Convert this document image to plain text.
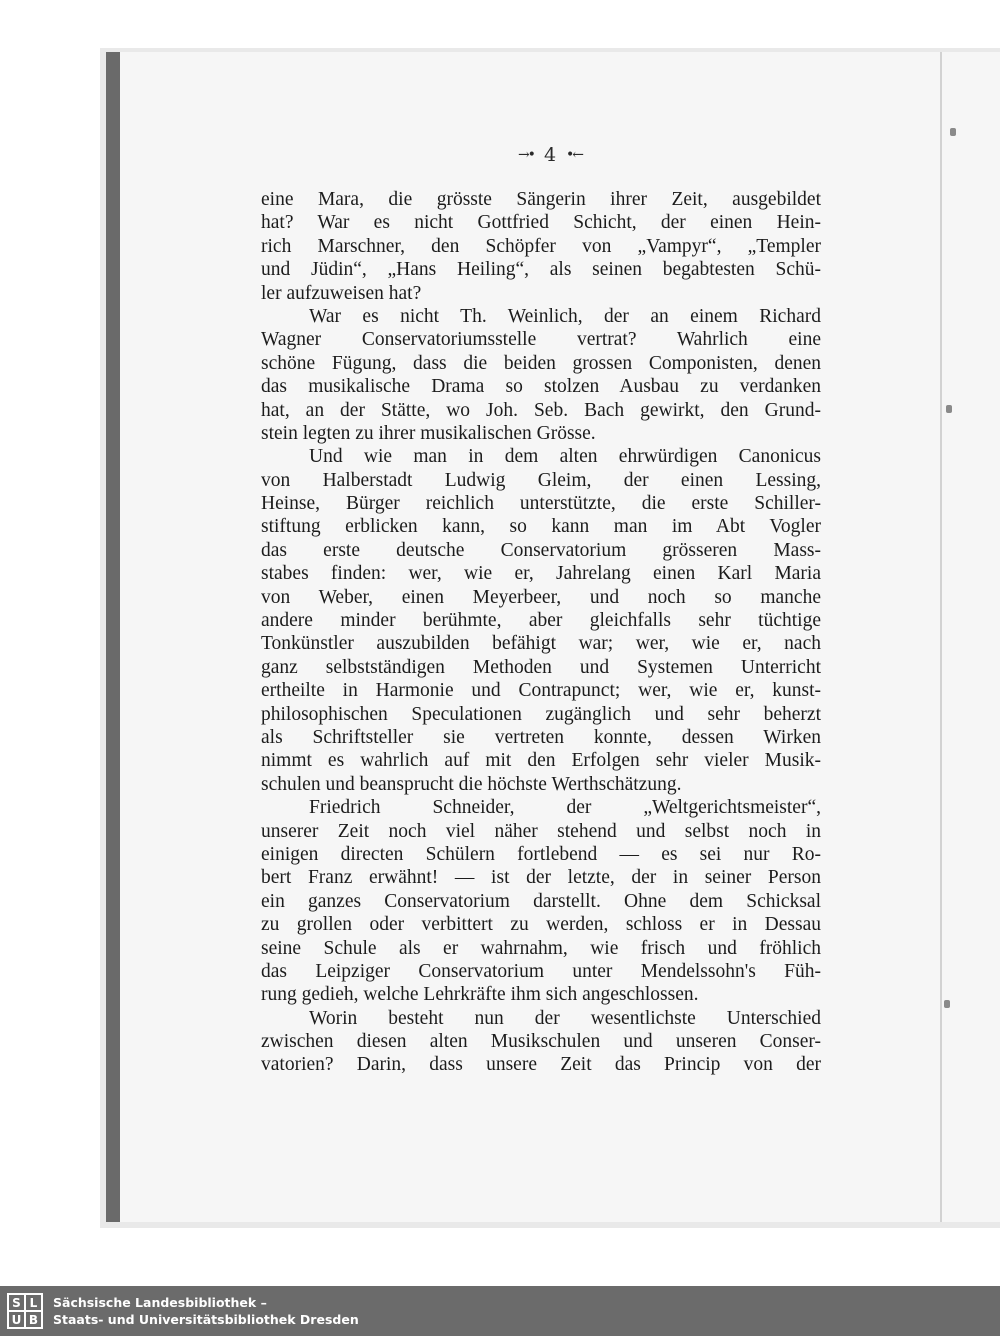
→• 4 •←
eine Mara, die grösste Sängerin ihrer Zeit, ausgebildet
hat? War es nicht Gottfried Schicht, der einen Hein-
rich Marschner, den Schöpfer von „Vampyr“, „Templer
und Jüdin“, „Hans Heiling“, als seinen begabtesten Schü-
ler aufzuweisen hat?
War es nicht Th. Weinlich, der an einem Richard
Wagner Conservatoriumsstelle vertrat? Wahrlich eine
schöne Fügung, dass die beiden grossen Componisten, denen
das musikalische Drama so stolzen Ausbau zu verdanken
hat, an der Stätte, wo Joh. Seb. Bach gewirkt, den Grund-
stein legten zu ihrer musikalischen Grösse.
Und wie man in dem alten ehrwürdigen Canonicus
von Halberstadt Ludwig Gleim, der einen Lessing,
Heinse, Bürger reichlich unterstützte, die erste Schiller-
stiftung erblicken kann, so kann man im Abt Vogler
das erste deutsche Conservatorium grösseren Mass-
stabes finden: wer, wie er, Jahrelang einen Karl Maria
von Weber, einen Meyerbeer, und noch so manche
andere minder berühmte, aber gleichfalls sehr tüchtige
Tonkünstler auszubilden befähigt war; wer, wie er, nach
ganz selbstständigen Methoden und Systemen Unterricht
ertheilte in Harmonie und Contrapunct; wer, wie er, kunst-
philosophischen Speculationen zugänglich und sehr beherzt
als Schriftsteller sie vertreten konnte, dessen Wirken
nimmt es wahrlich auf mit den Erfolgen sehr vieler Musik-
schulen und beansprucht die höchste Werthschätzung.
Friedrich Schneider, der „Weltgerichtsmeister“,
unserer Zeit noch viel näher stehend und selbst noch in
einigen directen Schülern fortlebend — es sei nur Ro-
bert Franz erwähnt! — ist der letzte, der in seiner Person
ein ganzes Conservatorium darstellt. Ohne dem Schicksal
zu grollen oder verbittert zu werden, schloss er in Dessau
seine Schule als er wahrnahm, wie frisch und fröhlich
das Leipziger Conservatorium unter Mendelssohn's Füh-
rung gedieh, welche Lehrkräfte ihm sich angeschlossen.
Worin besteht nun der wesentlichste Unterschied
zwischen diesen alten Musikschulen und unseren Conser-
vatorien? Darin, dass unsere Zeit das Princip von der
S L
U B
Sächsische Landesbibliothek –
Staats- und Universitätsbibliothek Dresden
